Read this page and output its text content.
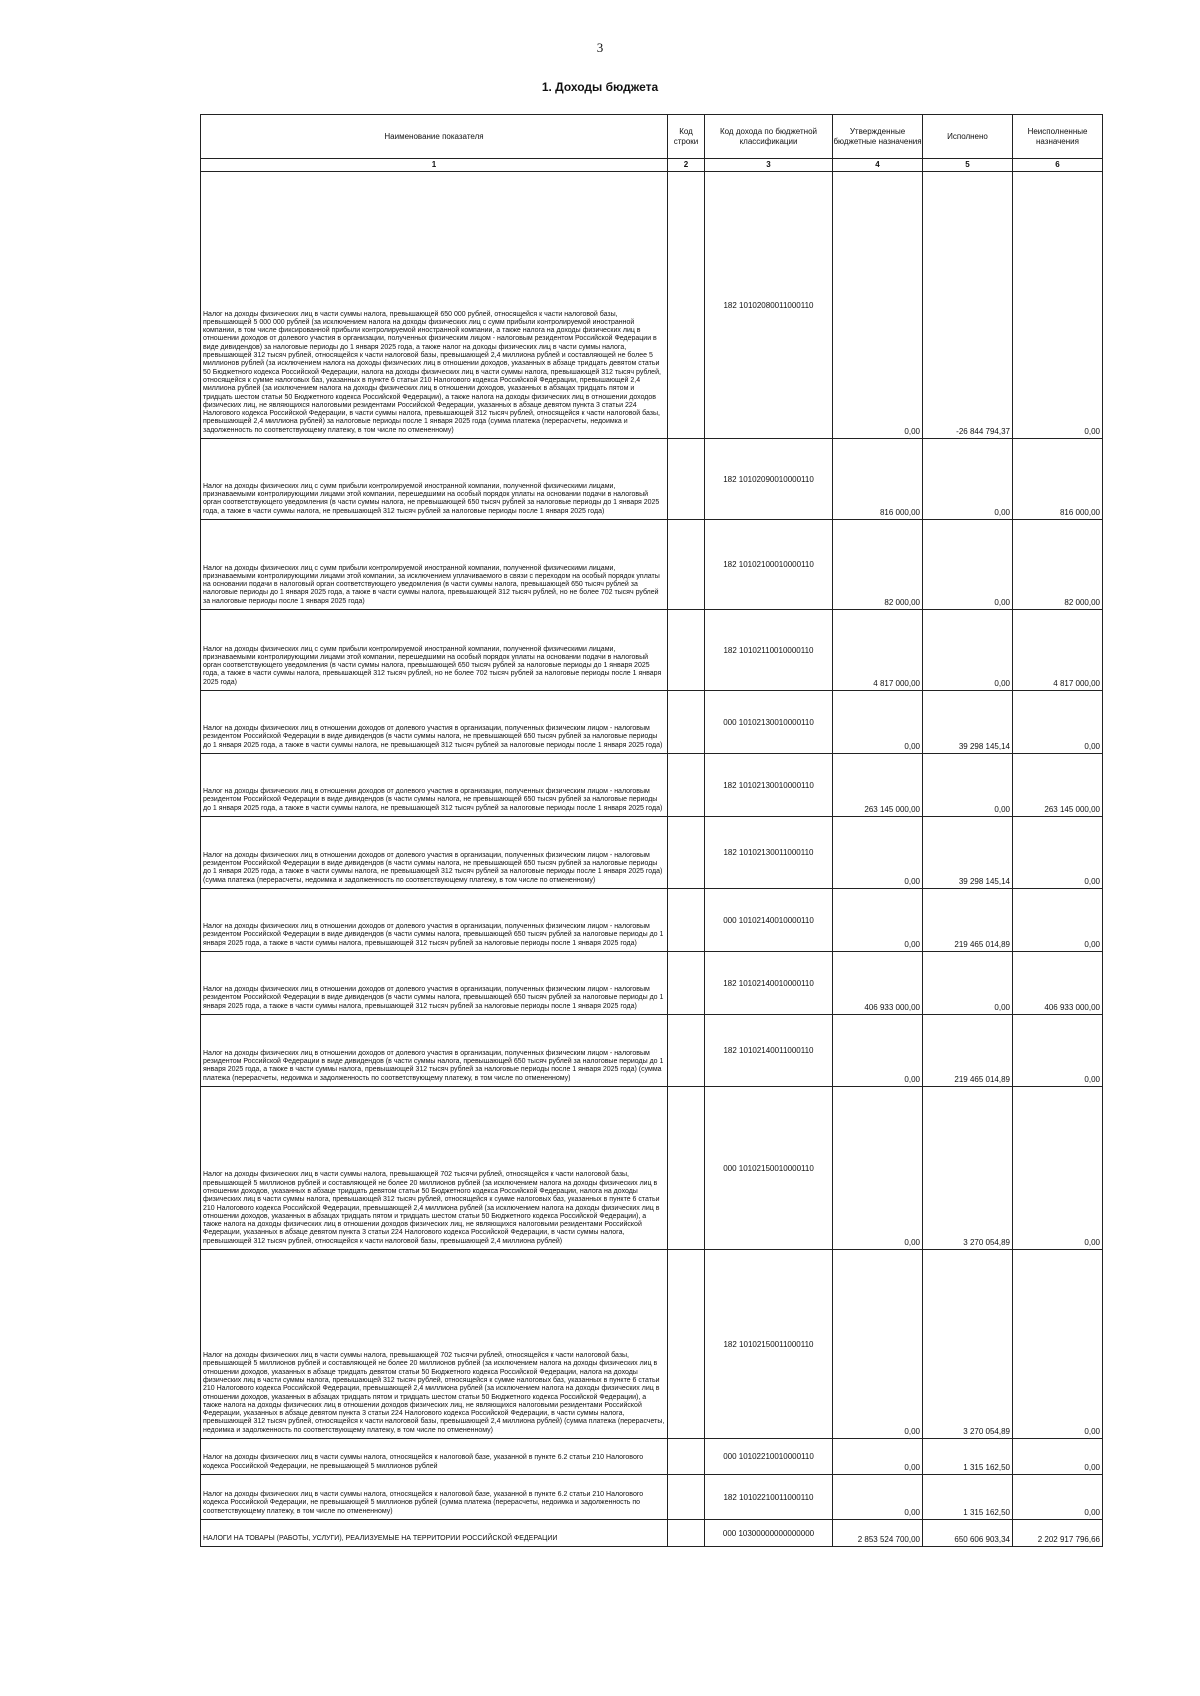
3
1. Доходы бюджета
Наименование показателя	Код строки	Код дохода по бюджетной классификации	Утвержденные бюджетные назначения	Исполнено	Неисполненные назначения
1	2	3	4	5	6
Налог на доходы физических лиц в части суммы налога, превышающей 650 000 рублей, относящейся к части налоговой базы, превышающей 5 000 000 рублей (за исключением налога на доходы физических лиц с сумм прибыли контролируемой иностранной компании, в том числе фиксированной прибыли контролируемой иностранной компании, а также налога на доходы физических лиц в отношении доходов от долевого участия в организации, полученных физическим лицом - налоговым резидентом Российской Федерации в виде дивидендов) за налоговые периоды до 1 января 2025 года, а также налог на доходы физических лиц в части суммы налога, превышающей 312 тысяч рублей, относящейся к части налоговой базы, превышающей 2,4 миллиона рублей и составляющей не более 5 миллионов рублей (за исключением налога на доходы физических лиц в отношении доходов, указанных в абзаце тридцать девятом статьи 50 Бюджетного кодекса Российской Федерации, налога на доходы физических лиц в части суммы налога, превышающей 312 тысяч рублей, относящейся к сумме налоговых баз, указанных в пункте 6 статьи 210 Налогового кодекса Российской Федерации, превышающей 2,4 миллиона рублей (за исключением налога на доходы физических лиц в отношении доходов, указанных в абзацах тридцать пятом и тридцать шестом статьи 50 Бюджетного кодекса Российской Федерации), а также налога на доходы физических лиц в отношении доходов физических лиц, не являющихся налоговыми резидентами Российской Федерации, указанных в абзаце девятом пункта 3 статьи 224 Налогового кодекса Российской Федерации, в части суммы налога, превышающей 312 тысяч рублей, относящейся к части налоговой базы, превышающей 2,4 миллиона рублей) за налоговые периоды после 1 января 2025 года (сумма платежа (перерасчеты, недоимка и задолженность по соответствующему платежу, в том числе по отмененному)		182 10102080011000110	0,00	-26 844 794,37	0,00
Налог на доходы физических лиц с сумм прибыли контролируемой иностранной компании, полученной физическими лицами, признаваемыми контролирующими лицами этой компании, перешедшими на особый порядок уплаты на основании подачи в налоговый орган соответствующего уведомления (в части суммы налога, не превышающей 650 тысяч рублей за налоговые периоды до 1 января 2025 года, а также в части суммы налога, не превышающей 312 тысяч рублей за налоговые периоды после 1 января 2025 года)		182 10102090010000110	816 000,00	0,00	816 000,00
Налог на доходы физических лиц с сумм прибыли контролируемой иностранной компании, полученной физическими лицами, признаваемыми контролирующими лицами этой компании, за исключением уплачиваемого в связи с переходом на особый порядок уплаты на основании подачи в налоговый орган соответствующего уведомления (в части суммы налога, превышающей 650 тысяч рублей за налоговые периоды до 1 января 2025 года, а также в части суммы налога, превышающей 312 тысяч рублей, но не более 702 тысяч рублей за налоговые периоды после 1 января 2025 года)		182 10102100010000110	82 000,00	0,00	82 000,00
Налог на доходы физических лиц с сумм прибыли контролируемой иностранной компании, полученной физическими лицами, признаваемыми контролирующими лицами этой компании, перешедшими на особый порядок уплаты на основании подачи в налоговый орган соответствующего уведомления (в части суммы налога, превышающей 650 тысяч рублей за налоговые периоды до 1 января 2025 года, а также в части суммы налога, превышающей 312 тысяч рублей, но не более 702 тысяч рублей за налоговые периоды после 1 января 2025 года)		182 10102110010000110	4 817 000,00	0,00	4 817 000,00
Налог на доходы физических лиц в отношении доходов от долевого участия в организации, полученных физическим лицом - налоговым резидентом Российской Федерации в виде дивидендов (в части суммы налога, не превышающей 650 тысяч рублей за налоговые периоды до 1 января 2025 года, а также в части суммы налога, не превышающей 312 тысяч рублей за налоговые периоды после 1 января 2025 года)		000 10102130010000110	0,00	39 298 145,14	0,00
Налог на доходы физических лиц в отношении доходов от долевого участия в организации, полученных физическим лицом - налоговым резидентом Российской Федерации в виде дивидендов (в части суммы налога, не превышающей 650 тысяч рублей за налоговые периоды до 1 января 2025 года, а также в части суммы налога, не превышающей 312 тысяч рублей за налоговые периоды после 1 января 2025 года)		182 10102130010000110	263 145 000,00	0,00	263 145 000,00
Налог на доходы физических лиц в отношении доходов от долевого участия в организации, полученных физическим лицом - налоговым резидентом Российской Федерации в виде дивидендов (в части суммы налога, не превышающей 650 тысяч рублей за налоговые периоды до 1 января 2025 года, а также в части суммы налога, не превышающей 312 тысяч рублей за налоговые периоды после 1 января 2025 года) (сумма платежа (перерасчеты, недоимка и задолженность по соответствующему платежу, в том числе по отмененному)		182 10102130011000110	0,00	39 298 145,14	0,00
Налог на доходы физических лиц в отношении доходов от долевого участия в организации, полученных физическим лицом - налоговым резидентом Российской Федерации в виде дивидендов (в части суммы налога, превышающей 650 тысяч рублей за налоговые периоды до 1 января 2025 года, а также в части суммы налога, превышающей 312 тысяч рублей за налоговые периоды после 1 января 2025 года)		000 10102140010000110	0,00	219 465 014,89	0,00
Налог на доходы физических лиц в отношении доходов от долевого участия в организации, полученных физическим лицом - налоговым резидентом Российской Федерации в виде дивидендов (в части суммы налога, превышающей 650 тысяч рублей за налоговые периоды до 1 января 2025 года, а также в части суммы налога, превышающей 312 тысяч рублей за налоговые периоды после 1 января 2025 года)		182 10102140010000110	406 933 000,00	0,00	406 933 000,00
Налог на доходы физических лиц в отношении доходов от долевого участия в организации, полученных физическим лицом - налоговым резидентом Российской Федерации в виде дивидендов (в части суммы налога, превышающей 650 тысяч рублей за налоговые периоды до 1 января 2025 года, а также в части суммы налога, превышающей 312 тысяч рублей за налоговые периоды после 1 января 2025 года) (сумма платежа (перерасчеты, недоимка и задолженность по соответствующему платежу, в том числе по отмененному)		182 10102140011000110	0,00	219 465 014,89	0,00
Налог на доходы физических лиц в части суммы налога, превышающей 702 тысячи рублей, относящейся к части налоговой базы, превышающей 5 миллионов рублей и составляющей не более 20 миллионов рублей (за исключением налога на доходы физических лиц в отношении доходов, указанных в абзаце тридцать девятом статьи 50 Бюджетного кодекса Российской Федерации, налога на доходы физических лиц в части суммы налога, превышающей 312 тысяч рублей, относящейся к сумме налоговых баз, указанных в пункте 6 статьи 210 Налогового кодекса Российской Федерации, превышающей 2,4 миллиона рублей (за исключением налога на доходы физических лиц в отношении доходов, указанных в абзацах тридцать пятом и тридцать шестом статьи 50 Бюджетного кодекса Российской Федерации), а также налога на доходы физических лиц в отношении доходов физических лиц, не являющихся налоговыми резидентами Российской Федерации, указанных в абзаце девятом пункта 3 статьи 224 Налогового кодекса Российской Федерации, в части суммы налога, превышающей 312 тысяч рублей, относящейся к части налоговой базы, превышающей 2,4 миллиона рублей)		000 10102150010000110	0,00	3 270 054,89	0,00
Налог на доходы физических лиц в части суммы налога, превышающей 702 тысячи рублей, относящейся к части налоговой базы, превышающей 5 миллионов рублей и составляющей не более 20 миллионов рублей (за исключением налога на доходы физических лиц в отношении доходов, указанных в абзаце тридцать девятом статьи 50 Бюджетного кодекса Российской Федерации, налога на доходы физических лиц в части суммы налога, превышающей 312 тысяч рублей, относящейся к сумме налоговых баз, указанных в пункте 6 статьи 210 Налогового кодекса Российской Федерации, превышающей 2,4 миллиона рублей (за исключением налога на доходы физических лиц в отношении доходов, указанных в абзацах тридцать пятом и тридцать шестом статьи 50 Бюджетного кодекса Российской Федерации), а также налога на доходы физических лиц в отношении доходов физических лиц, не являющихся налоговыми резидентами Российской Федерации, указанных в абзаце девятом пункта 3 статьи 224 Налогового кодекса Российской Федерации, в части суммы налога, превышающей 312 тысяч рублей, относящейся к части налоговой базы, превышающей 2,4 миллиона рублей) (сумма платежа (перерасчеты, недоимка и задолженность по соответствующему платежу, в том числе по отмененному)		182 10102150011000110	0,00	3 270 054,89	0,00
Налог на доходы физических лиц в части суммы налога, относящейся к налоговой базе, указанной в пункте 6.2 статьи 210 Налогового кодекса Российской Федерации, не превышающей 5 миллионов рублей		000 10102210010000110	0,00	1 315 162,50	0,00
Налог на доходы физических лиц в части суммы налога, относящейся к налоговой базе, указанной в пункте 6.2 статьи 210 Налогового кодекса Российской Федерации, не превышающей 5 миллионов рублей (сумма платежа (перерасчеты, недоимка и задолженность по соответствующему платежу, в том числе по отмененному)		182 10102210011000110	0,00	1 315 162,50	0,00
НАЛОГИ НА ТОВАРЫ (РАБОТЫ, УСЛУГИ), РЕАЛИЗУЕМЫЕ НА ТЕРРИТОРИИ РОССИЙСКОЙ ФЕДЕРАЦИИ		000 10300000000000000	2 853 524 700,00	650 606 903,34	2 202 917 796,66
